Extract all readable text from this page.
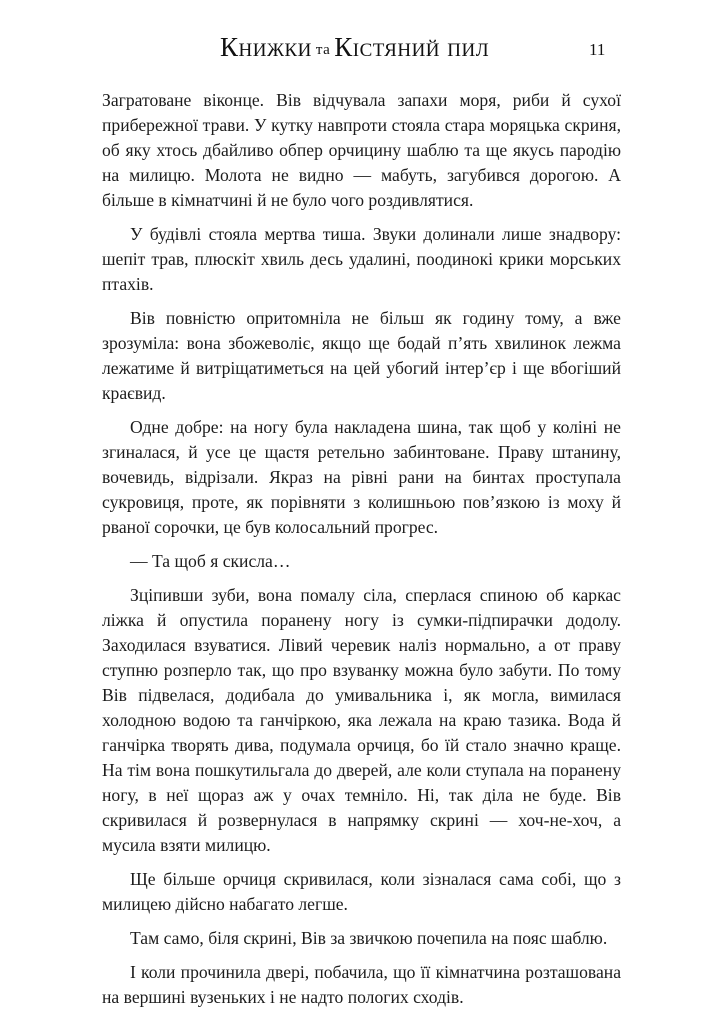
Книжки та Кістяний пил	11

Загратоване віконце. Вів відчувала запахи моря, риби й сухої прибережної трави. У кутку навпроти стояла стара моряцька скриня, об яку хтось дбайливо обпер орчицину шаблю та ще якусь пародію на милицю. Молота не видно — мабуть, загубився дорогою. А більше в кімнатчині й не було чого роздивлятися.

У будівлі стояла мертва тиша. Звуки долинали лише знадвору: шепіт трав, плюскіт хвиль десь удалині, поодинокі крики морських птахів.

Вів повністю опритомніла не більш як годину тому, а вже зрозуміла: вона збожеволіє, якщо ще бодай п’ять хвилинок лежма лежатиме й витріщатиметься на цей убогий інтер’єр і ще вбогіший краєвид.

Одне добре: на ногу була накладена шина, так щоб у коліні не згиналася, й усе це щастя ретельно забинтоване. Праву штанину, вочевидь, відрізали. Якраз на рівні рани на бинтах проступала сукровиця, проте, як порівняти з колишньою пов’язкою із моху й рваної сорочки, це був колосальний прогрес.

— Та щоб я скисла…

Зціпивши зуби, вона помалу сіла, сперлася спиною об каркас ліжка й опустила поранену ногу із сумки-підпирачки додолу. Заходилася взуватися. Лівий черевик наліз нормально, а от праву ступню розперло так, що про взуванку можна було забути. По тому Вів підвелася, додибала до умивальника і, як могла, вимилася холодною водою та ганчіркою, яка лежала на краю тазика. Вода й ганчірка творять дива, подумала орчиця, бо їй стало значно краще. На тім вона пошкутильгала до дверей, але коли ступала на поранену ногу, в неї щораз аж у очах темніло. Ні, так діла не буде. Вів скривилася й розвернулася в напрямку скрині — хоч-не-хоч, а мусила взяти милицю.

Ще більше орчиця скривилася, коли зізналася сама собі, що з милицею дійсно набагато легше.

Там само, біля скрині, Вів за звичкою почепила на пояс шаблю.

І коли прочинила двері, побачила, що її кімнатчина розташована на вершині вузеньких і не надто пологих сходів.
